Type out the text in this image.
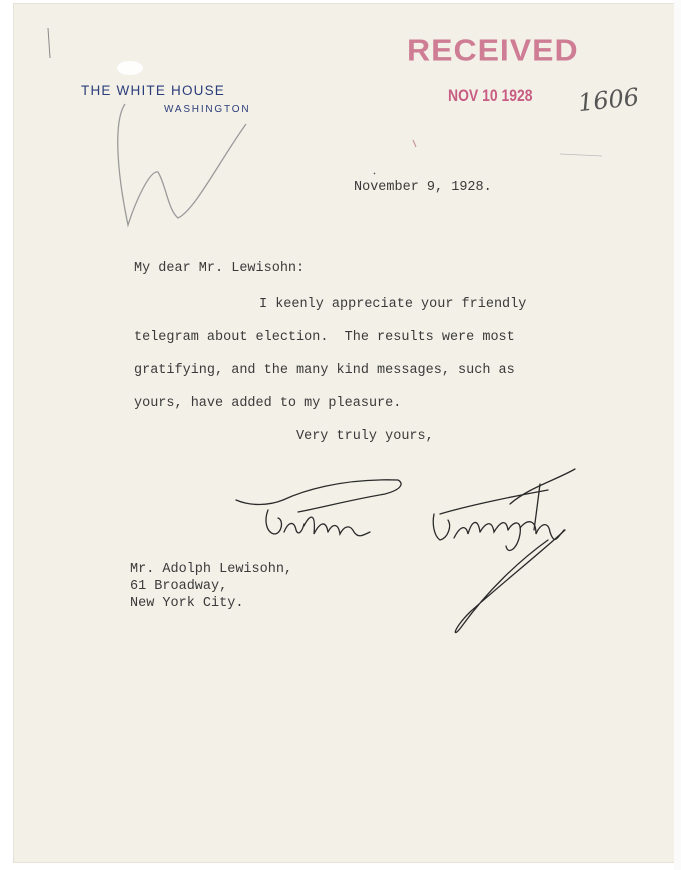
THE WHITE HOUSE
WASHINGTON
RECEIVED
NOV 10 1928 1606
November 9, 1928.
My dear Mr. Lewisohn:
I keenly appreciate your friendly
telegram about election.  The results were most
gratifying, and the many kind messages, such as
yours, have added to my pleasure.
Very truly yours,
Mr. Adolph Lewisohn,
61 Broadway,
New York City.
